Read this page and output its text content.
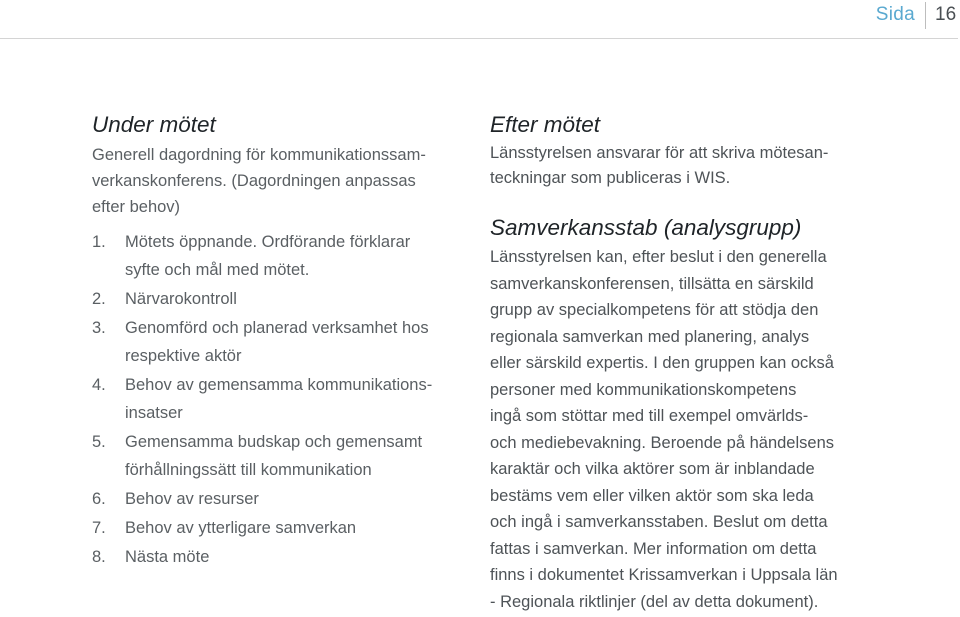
Sida 16
Under mötet

Generell dagordning för kommunikationssam-
verkanskonferens. (Dagordningen anpassas
efter behov)

1. Mötets öppnande. Ordförande förklarar
syfte och mål med mötet.
2. Närvarokontroll
3. Genomförd och planerad verksamhet hos
respektive aktör
4. Behov av gemensamma kommunikations-
insatser
5. Gemensamma budskap och gemensamt
förhållningssätt till kommunikation
6. Behov av resurser
7. Behov av ytterligare samverkan
8. Nästa möte
Efter mötet

Länsstyrelsen ansvarar för att skriva mötesan-
teckningar som publiceras i WIS.

Samverkansstab (analysgrupp)

Länsstyrelsen kan, efter beslut i den generella
samverkanskonferensen, tillsätta en särskild
grupp av specialkompetens för att stödja den
regionala samverkan med planering, analys
eller särskild expertis. I den gruppen kan också
personer med kommunikationskompetens
ingå som stöttar med till exempel omvärlds-
och mediebevakning. Beroende på händelsens
karaktär och vilka aktörer som är inblandade
bestäms vem eller vilken aktör som ska leda
och ingå i samverkansstaben. Beslut om detta
fattas i samverkan. Mer information om detta
finns i dokumentet Krissamverkan i Uppsala län
- Regionala riktlinjer (del av detta dokument).
